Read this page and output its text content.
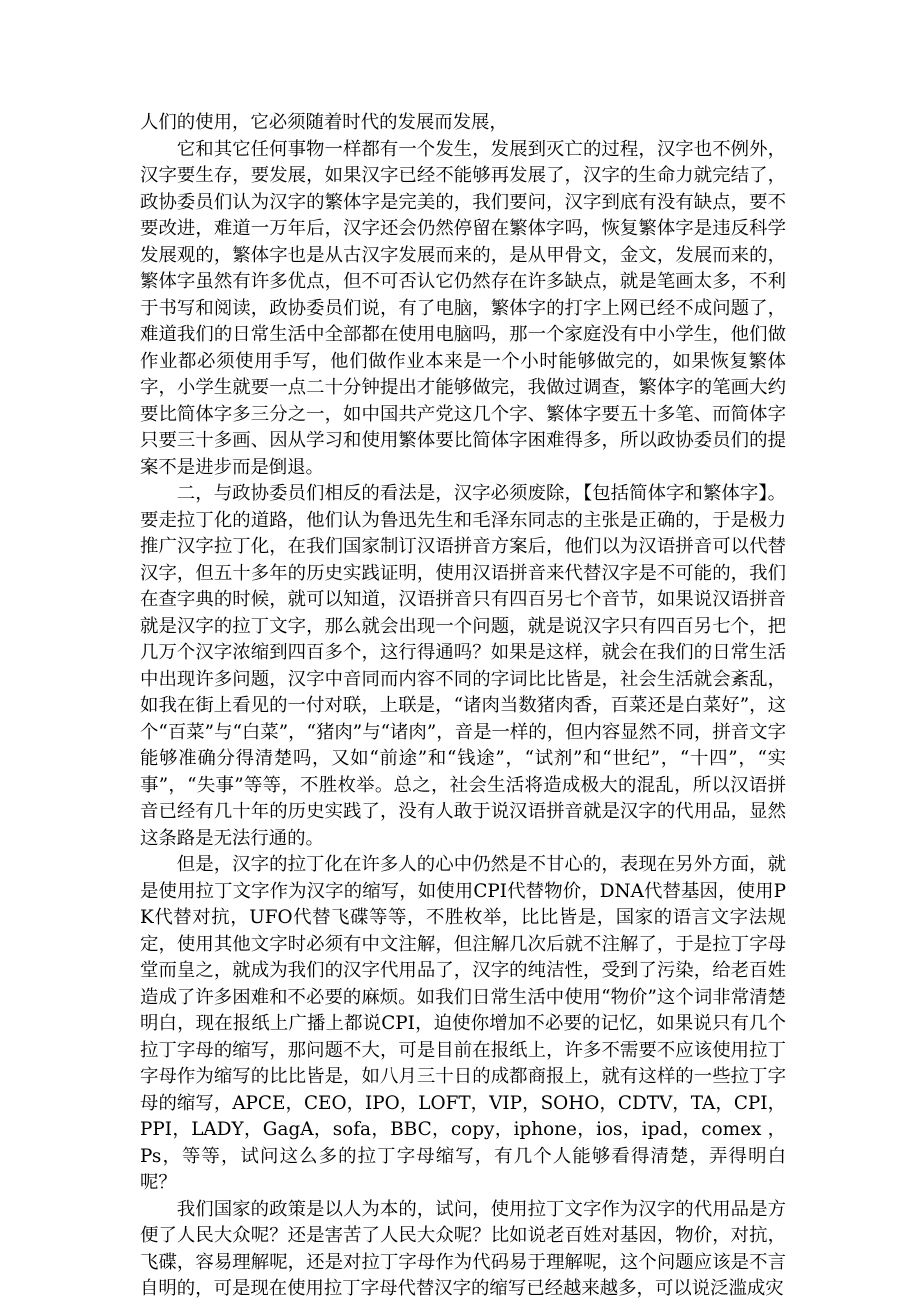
人们的使用，它必须随着时代的发展而发展，

它和其它任何事物一样都有一个发生，发展到灭亡的过程，汉字也不例外，汉字要生存，要发展，如果汉字已经不能够再发展了，汉字的生命力就完结了，政协委员们认为汉字的繁体字是完美的，我们要问，汉字到底有没有缺点，要不要改进，难道一万年后，汉字还会仍然停留在繁体字吗，恢复繁体字是违反科学发展观的，繁体字也是从古汉字发展而来的，是从甲骨文，金文，发展而来的，繁体字虽然有许多优点，但不可否认它仍然存在许多缺点，就是笔画太多，不利于书写和阅读，政协委员们说，有了电脑，繁体字的打字上网已经不成问题了，难道我们的日常生活中全部都在使用电脑吗，那一个家庭没有中小学生，他们做作业都必须使用手写，他们做作业本来是一个小时能够做完的，如果恢复繁体字，小学生就要一点二十分钟提出才能够做完，我做过调查，繁体字的笔画大约要比简体字多三分之一，如中国共产党这几个字、繁体字要五十多笔、而简体字只要三十多画、因从学习和使用繁体要比简体字困难得多，所以政协委员们的提案不是进步而是倒退。

二，与政协委员们相反的看法是，汉字必须废除，【包括简体字和繁体字】。要走拉丁化的道路，他们认为鲁迅先生和毛泽东同志的主张是正确的，于是极力推广汉字拉丁化，在我们国家制订汉语拼音方案后，他们以为汉语拼音可以代替汉字，但五十多年的历史实践证明，使用汉语拼音来代替汉字是不可能的，我们在查字典的时候，就可以知道，汉语拼音只有四百另七个音节，如果说汉语拼音就是汉字的拉丁文字，那么就会出现一个问题，就是说汉字只有四百另七个，把几万个汉字浓缩到四百多个，这行得通吗？如果是这样，就会在我们的日常生活中出现许多问题，汉字中音同而内容不同的字词比比皆是，社会生活就会紊乱，如我在街上看见的一付对联，上联是，“诸肉当数猪肉香，百菜还是白菜好”，这个“百菜”与“白菜”，“猪肉”与“诸肉”，音是一样的，但内容显然不同，拼音文字能够准确分得清楚吗，又如“前途”和“钱途”，“试剂”和“世纪”，“十四”，“实事”，“失事”等等，不胜枚举。总之，社会生活将造成极大的混乱，所以汉语拼音已经有几十年的历史实践了，没有人敢于说汉语拼音就是汉字的代用品，显然这条路是无法行通的。

但是，汉字的拉丁化在许多人的心中仍然是不甘心的，表现在另外方面，就是使用拉丁文字作为汉字的缩写，如使用CPI代替物价，DNA代替基因，使用PK代替对抗，UFO代替飞碟等等，不胜枚举，比比皆是，国家的语言文字法规定，使用其他文字时必须有中文注解，但注解几次后就不注解了，于是拉丁字母堂而皇之，就成为我们的汉字代用品了，汉字的纯洁性，受到了污染，给老百姓造成了许多困难和不必要的麻烦。如我们日常生活中使用“物价”这个词非常清楚明白，现在报纸上广播上都说CPI，迫使你增加不必要的记忆，如果说只有几个拉丁字母的缩写，那问题不大，可是目前在报纸上，许多不需要不应该使用拉丁字母作为缩写的比比皆是，如八月三十日的成都商报上，就有这样的一些拉丁字母的缩写，APCE，CEO，IPO，LOFT，VIP，SOHO，CDTV，TA，CPI，PPI，LADY，GagA，sofa，BBC，copy，iphone，ios，ipad，comex ，Ps，等等，试问这么多的拉丁字母缩写，有几个人能够看得清楚，弄得明白呢？

我们国家的政策是以人为本的，试问，使用拉丁文字作为汉字的代用品是方便了人民大众呢？还是害苦了人民大众呢？比如说老百姓对基因，物价，对抗，飞碟，容易理解呢，还是对拉丁字母作为代码易于理解呢，这个问题应该是不言自明的，可是现在使用拉丁字母代替汉字的缩写已经越来越多，可以说泛滥成灾
